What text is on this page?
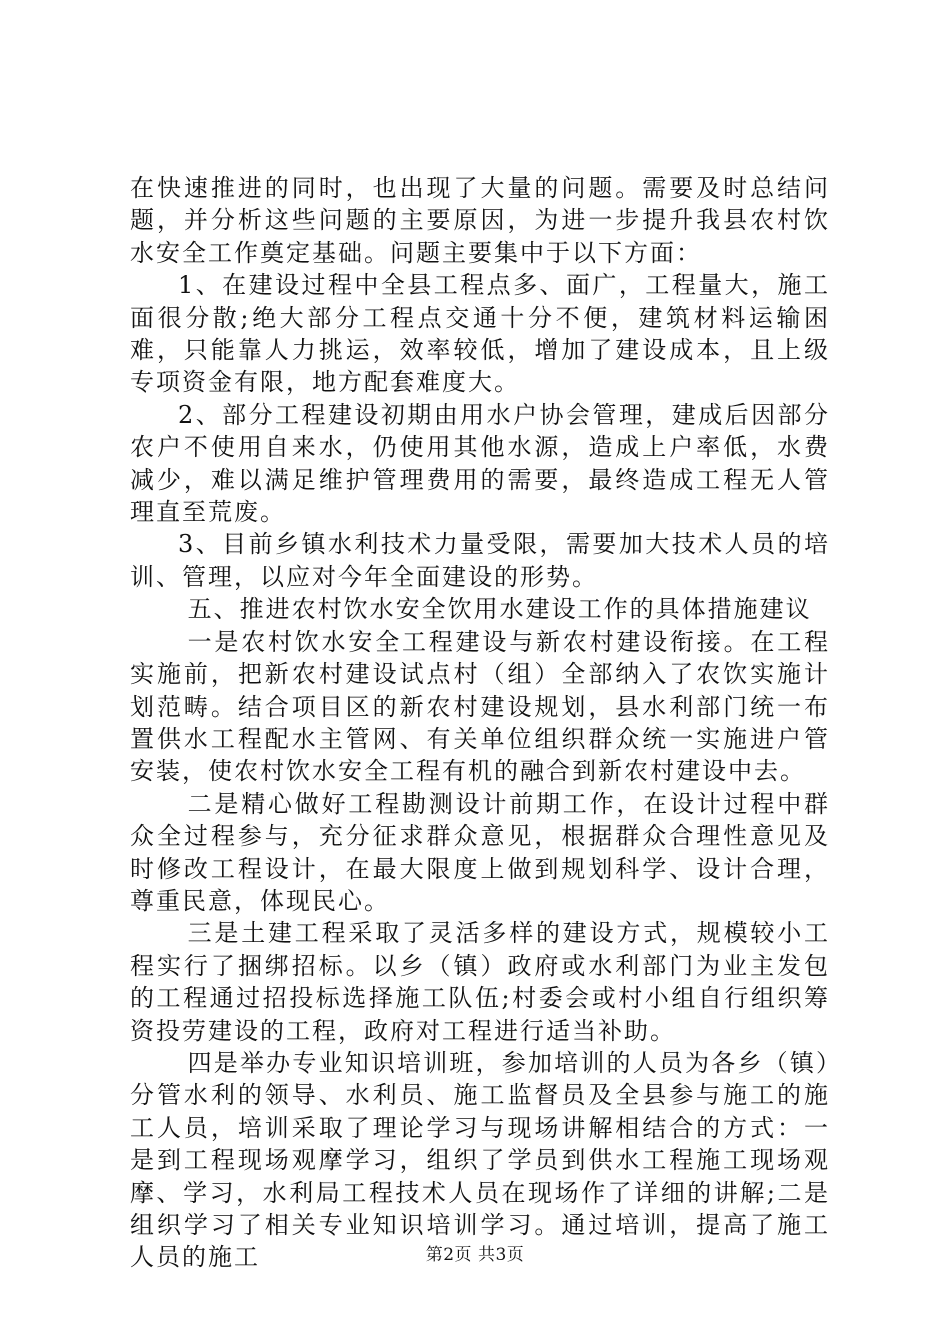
在快速推进的同时，也出现了大量的问题。需要及时总结问题，并分析这些问题的主要原因，为进一步提升我县农村饮水安全工作奠定基础。问题主要集中于以下方面：

1、在建设过程中全县工程点多、面广，工程量大，施工面很分散;绝大部分工程点交通十分不便，建筑材料运输困难，只能靠人力挑运，效率较低，增加了建设成本，且上级专项资金有限，地方配套难度大。

2、部分工程建设初期由用水户协会管理，建成后因部分农户不使用自来水，仍使用其他水源，造成上户率低，水费减少，难以满足维护管理费用的需要，最终造成工程无人管理直至荒废。

3、目前乡镇水利技术力量受限，需要加大技术人员的培训、管理，以应对今年全面建设的形势。

五、推进农村饮水安全饮用水建设工作的具体措施建议

一是农村饮水安全工程建设与新农村建设衔接。在工程实施前，把新农村建设试点村（组）全部纳入了农饮实施计划范畴。结合项目区的新农村建设规划，县水利部门统一布置供水工程配水主管网、有关单位组织群众统一实施进户管安装，使农村饮水安全工程有机的融合到新农村建设中去。

二是精心做好工程勘测设计前期工作，在设计过程中群众全过程参与，充分征求群众意见，根据群众合理性意见及时修改工程设计，在最大限度上做到规划科学、设计合理，尊重民意，体现民心。

三是土建工程采取了灵活多样的建设方式，规模较小工程实行了捆绑招标。以乡（镇）政府或水利部门为业主发包的工程通过招投标选择施工队伍;村委会或村小组自行组织筹资投劳建设的工程，政府对工程进行适当补助。

四是举办专业知识培训班，参加培训的人员为各乡（镇）分管水利的领导、水利员、施工监督员及全县参与施工的施工人员，培训采取了理论学习与现场讲解相结合的方式：一是到工程现场观摩学习，组织了学员到供水工程施工现场观摩、学习，水利局工程技术人员在现场作了详细的讲解;二是组织学习了相关专业知识培训学习。通过培训，提高了施工人员的施工	第2页 共3页
